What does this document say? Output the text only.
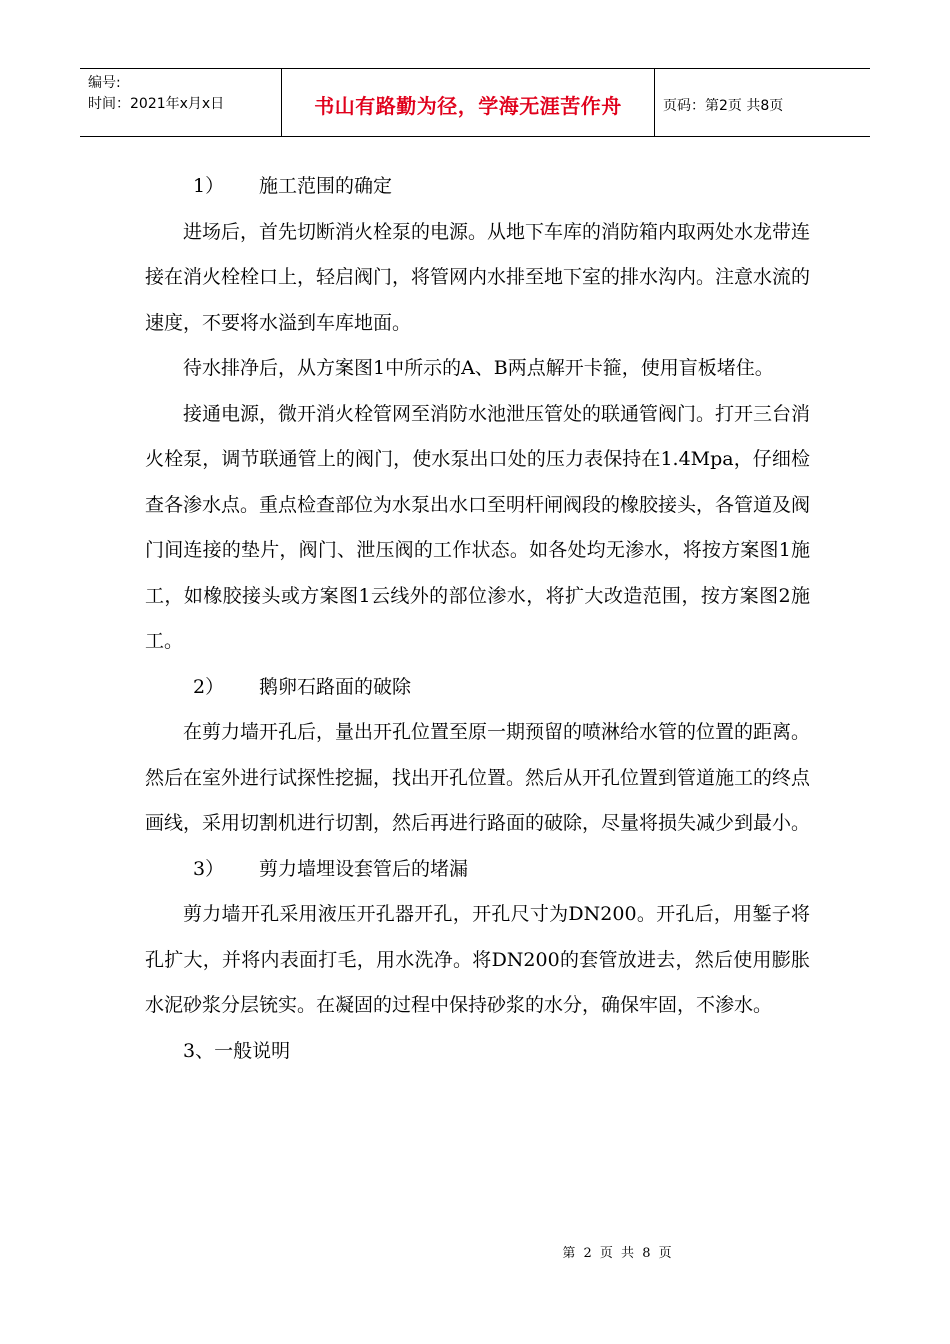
编号:
时间：2021年x月x日	书山有路勤为径，学海无涯苦作舟	页码：第2页 共8页

1） 施工范围的确定

进场后，首先切断消火栓泵的电源。从地下车库的消防箱内取两处水龙带连接在消火栓栓口上，轻启阀门，将管网内水排至地下室的排水沟内。注意水流的速度，不要将水溢到车库地面。

待水排净后，从方案图1中所示的A、B两点解开卡箍，使用盲板堵住。

接通电源，微开消火栓管网至消防水池泄压管处的联通管阀门。打开三台消火栓泵，调节联通管上的阀门，使水泵出口处的压力表保持在1.4Mpa，仔细检查各渗水点。重点检查部位为水泵出水口至明杆闸阀段的橡胶接头，各管道及阀门间连接的垫片，阀门、泄压阀的工作状态。如各处均无渗水，将按方案图1施工，如橡胶接头或方案图1云线外的部位渗水，将扩大改造范围，按方案图2施工。

2） 鹅卵石路面的破除

在剪力墙开孔后，量出开孔位置至原一期预留的喷淋给水管的位置的距离。然后在室外进行试探性挖掘，找出开孔位置。然后从开孔位置到管道施工的终点画线，采用切割机进行切割，然后再进行路面的破除，尽量将损失减少到最小。

3） 剪力墙埋设套管后的堵漏

剪力墙开孔采用液压开孔器开孔，开孔尺寸为DN200。开孔后，用錾子将孔扩大，并将内表面打毛，用水洗净。将DN200的套管放进去，然后使用膨胀水泥砂浆分层铳实。在凝固的过程中保持砂浆的水分，确保牢固，不渗水。

3、一般说明

第 2 页 共 8 页
